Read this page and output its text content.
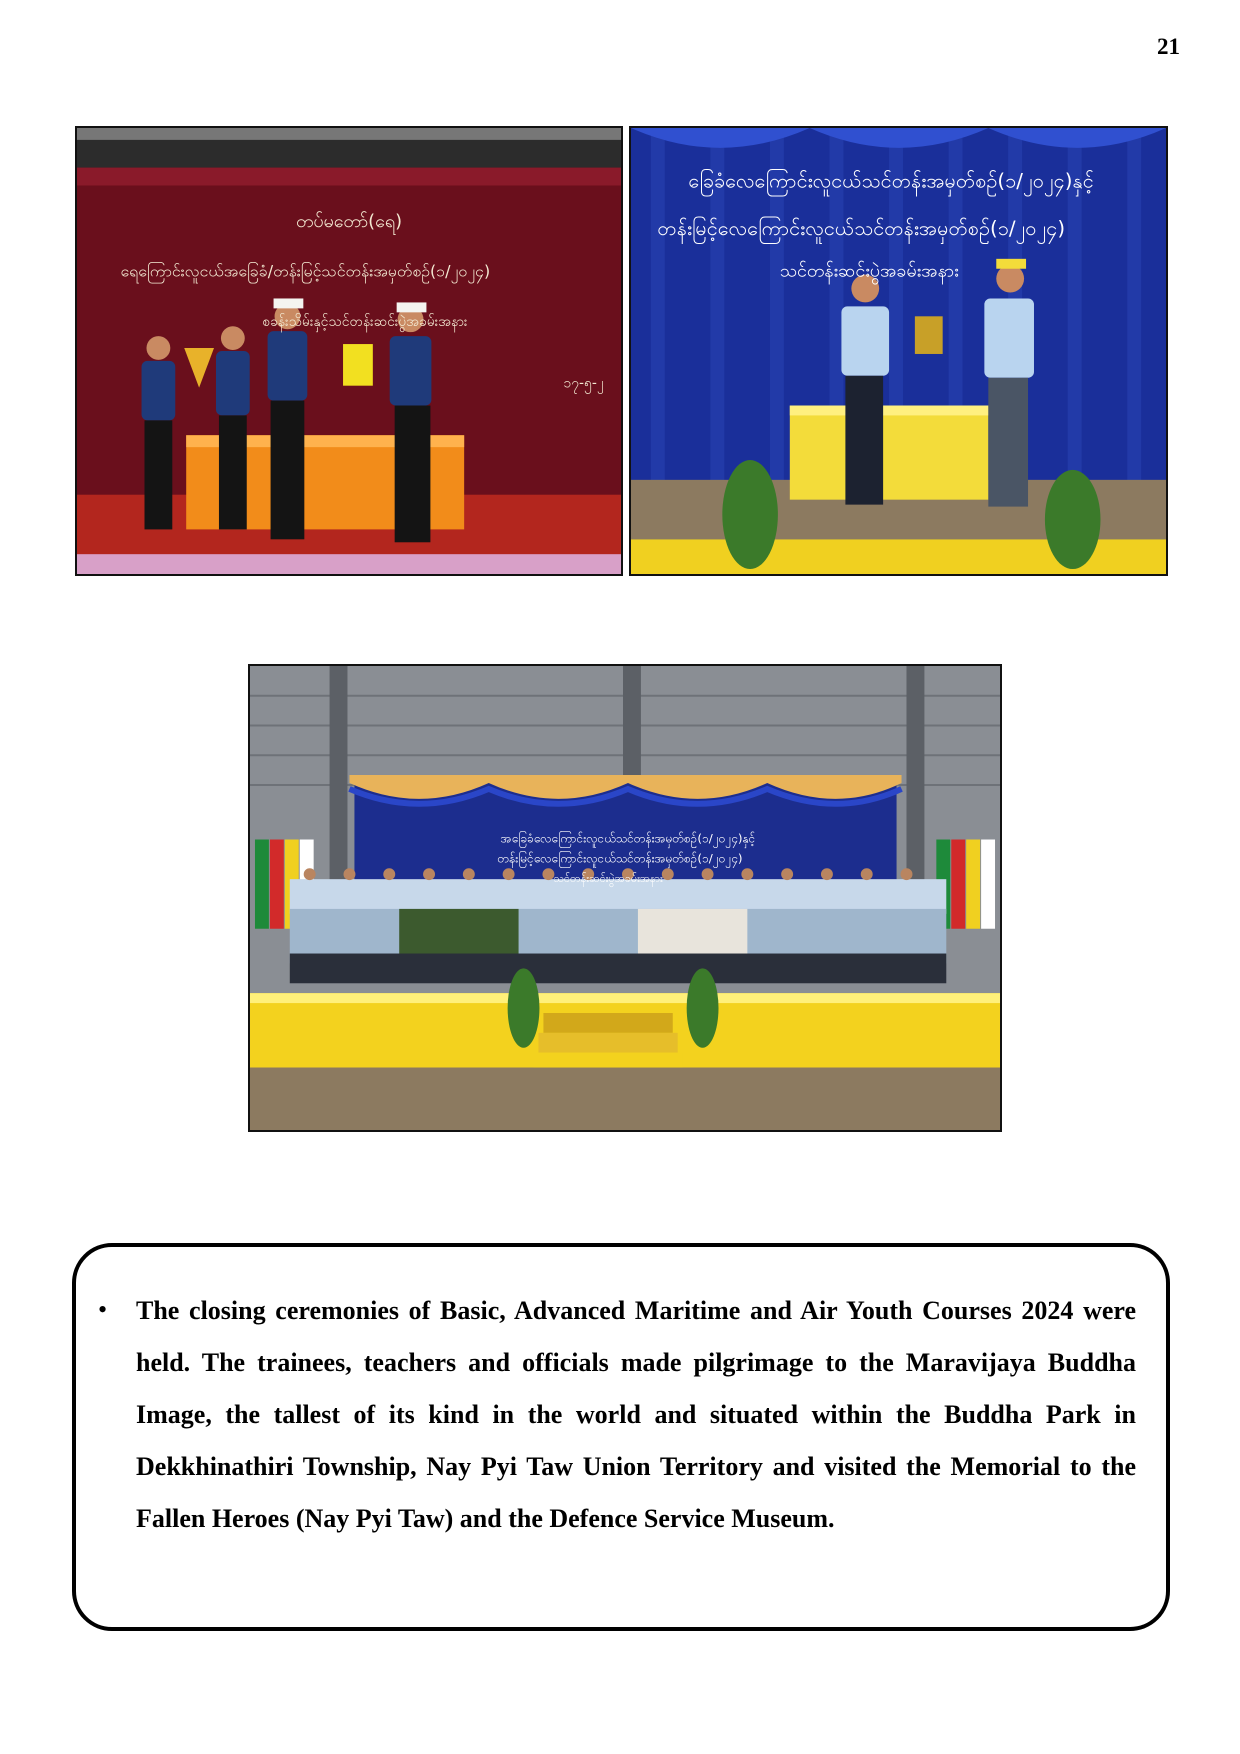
21
တပ်မတော်(ရေ)
ရေကြောင်းလူငယ်အခြေခံ/တန်းမြင့်သင်တန်းအမှတ်စဉ်(၁/၂၀၂၄)
စခန်းသိမ်းနှင့်သင်တန်းဆင်းပွဲအခမ်းအနား
၁၇-၅-၂
ခြေခံလေကြောင်းလူငယ်သင်တန်းအမှတ်စဉ်(၁/၂၀၂၄)နှင့်
တန်းမြင့်လေကြောင်းလူငယ်သင်တန်းအမှတ်စဉ်(၁/၂၀၂၄)
သင်တန်းဆင်းပွဲအခမ်းအနား
အခြေခံလေကြောင်းလူငယ်သင်တန်းအမှတ်စဉ်(၁/၂၀၂၄)နှင့်
တန်းမြင့်လေကြောင်းလူငယ်သင်တန်းအမှတ်စဉ်(၁/၂၀၂၄)
သင်တန်းဆင်းပွဲအခမ်းအနား
• The closing ceremonies of Basic, Advanced Maritime and Air Youth Courses 2024 were held. The trainees, teachers and officials made pilgrimage to the Maravijaya Buddha Image, the tallest of its kind in the world and situated within the Buddha Park in Dekkhinathiri Township, Nay Pyi Taw Union Territory and visited the Memorial to the Fallen Heroes (Nay Pyi Taw) and the Defence Service Museum.
